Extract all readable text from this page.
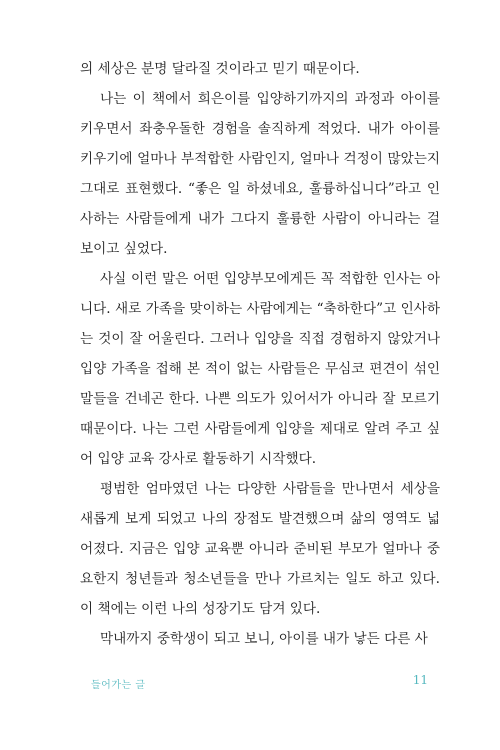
의 세상은 분명 달라질 것이라고 믿기 때문이다.

나는 이 책에서 희은이를 입양하기까지의 과정과 아이를 키우면서 좌충우돌한 경험을 솔직하게 적었다. 내가 아이를 키우기에 얼마나 부적합한 사람인지, 얼마나 걱정이 많았는지 그대로 표현했다. “좋은 일 하셨네요, 훌륭하십니다”라고 인사하는 사람들에게 내가 그다지 훌륭한 사람이 아니라는 걸 보이고 싶었다.

사실 이런 말은 어떤 입양부모에게든 꼭 적합한 인사는 아니다. 새로 가족을 맞이하는 사람에게는 “축하한다”고 인사하는 것이 잘 어울린다. 그러나 입양을 직접 경험하지 않았거나 입양 가족을 접해 본 적이 없는 사람들은 무심코 편견이 섞인 말들을 건네곤 한다. 나쁜 의도가 있어서가 아니라 잘 모르기 때문이다. 나는 그런 사람들에게 입양을 제대로 알려 주고 싶어 입양 교육 강사로 활동하기 시작했다.

평범한 엄마였던 나는 다양한 사람들을 만나면서 세상을 새롭게 보게 되었고 나의 장점도 발견했으며 삶의 영역도 넓어졌다. 지금은 입양 교육뿐 아니라 준비된 부모가 얼마나 중요한지 청년들과 청소년들을 만나 가르치는 일도 하고 있다. 이 책에는 이런 나의 성장기도 담겨 있다.

막내까지 중학생이 되고 보니, 아이를 내가 낳든 다른 사

들어가는 글	11
